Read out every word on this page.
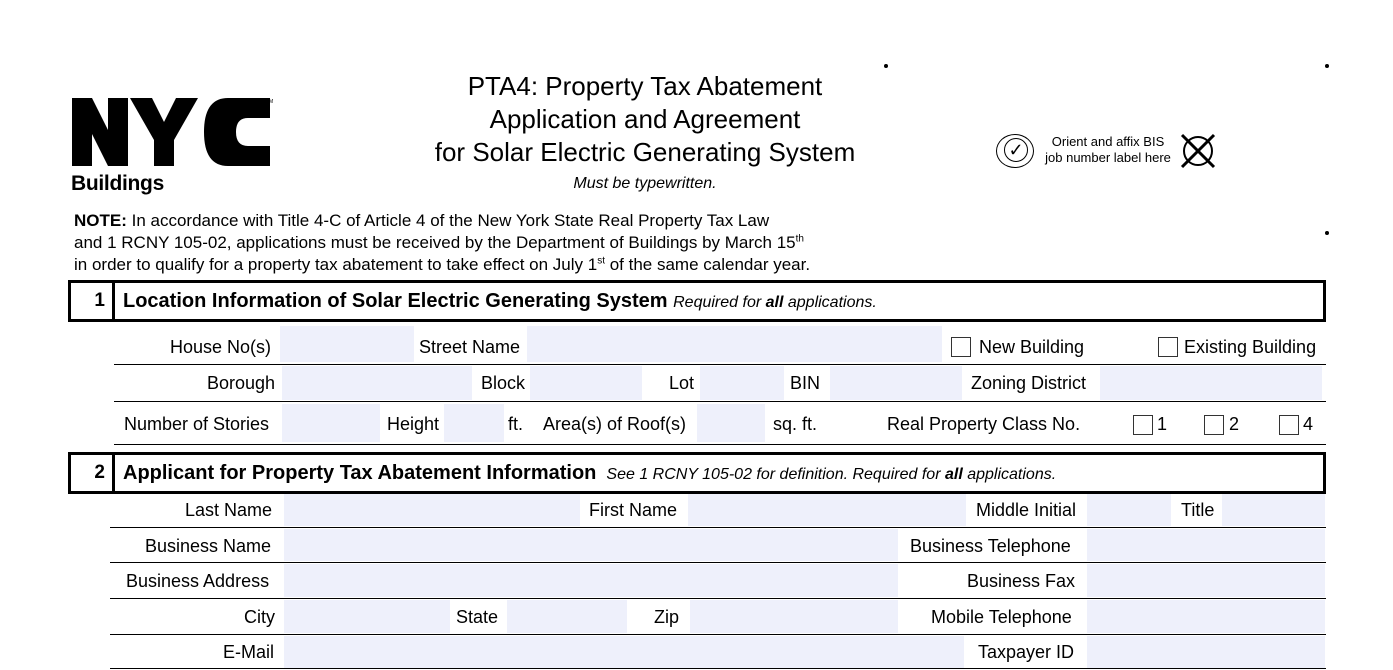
TM
Buildings
PTA4: Property Tax Abatement
Application and Agreement
for Solar Electric Generating System
Must be typewritten.
✓	Orient and affix BIS
job number label here
NOTE: In accordance with Title 4-C of Article 4 of the New York State Real Property Tax Law
and 1 RCNY 105-02, applications must be received by the Department of Buildings by March 15th
in order to qualify for a property tax abatement to take effect on July 1st of the same calendar year.
1 Location Information of Solar Electric Generating System Required for all applications.
House No(s)	Street Name	New Building	Existing Building
Borough	Block	Lot	BIN	Zoning District
Number of Stories	Height	ft. Area(s) of Roof(s)	sq. ft.	Real Property Class No.	1	2	4
2 Applicant for Property Tax Abatement Information See 1 RCNY 105-02 for definition. Required for all applications.
Last Name	First Name	Middle Initial	Title
Business Name	Business Telephone
Business Address	Business Fax
City	State	Zip	Mobile Telephone
E-Mail	Taxpayer ID
